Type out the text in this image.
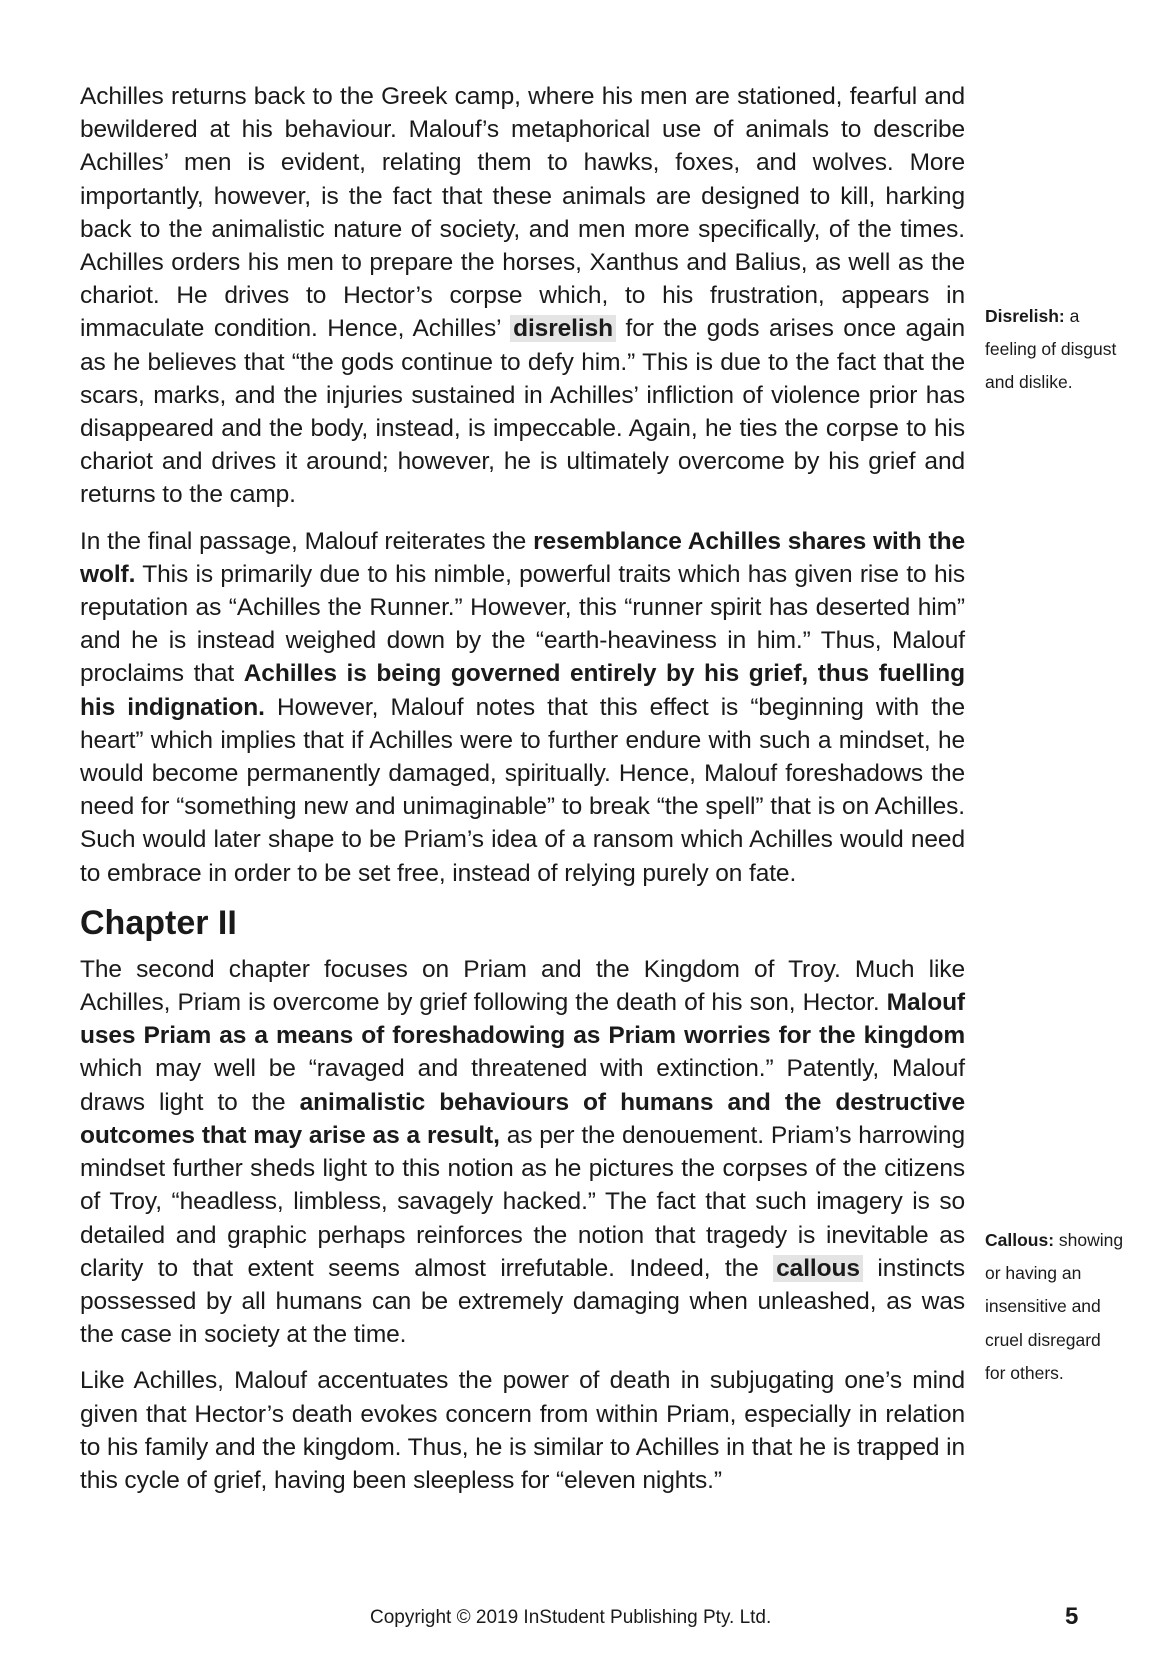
Achilles returns back to the Greek camp, where his men are stationed, fearful and bewildered at his behaviour. Malouf’s metaphorical use of animals to describe Achilles’ men is evident, relating them to hawks, foxes, and wolves. More importantly, however, is the fact that these animals are designed to kill, harking back to the animalistic nature of society, and men more specifically, of the times. Achilles orders his men to prepare the horses, Xanthus and Balius, as well as the chariot. He drives to Hector’s corpse which, to his frustration, appears in immaculate condition. Hence, Achilles’ disrelish for the gods arises once again as he believes that “the gods continue to defy him.” This is due to the fact that the scars, marks, and the injuries sustained in Achilles’ infliction of violence prior has disappeared and the body, instead, is impeccable. Again, he ties the corpse to his chariot and drives it around; however, he is ultimately overcome by his grief and returns to the camp.

In the final passage, Malouf reiterates the resemblance Achilles shares with the wolf. This is primarily due to his nimble, powerful traits which has given rise to his reputation as “Achilles the Runner.” However, this “runner spirit has deserted him” and he is instead weighed down by the “earth-heaviness in him.” Thus, Malouf proclaims that Achilles is being governed entirely by his grief, thus fuelling his indignation. However, Malouf notes that this effect is “beginning with the heart” which implies that if Achilles were to further endure with such a mindset, he would become permanently damaged, spiritually. Hence, Malouf foreshadows the need for “something new and unimaginable” to break “the spell” that is on Achilles. Such would later shape to be Priam’s idea of a ransom which Achilles would need to embrace in order to be set free, instead of relying purely on fate.

Chapter II

The second chapter focuses on Priam and the Kingdom of Troy. Much like Achilles, Priam is overcome by grief following the death of his son, Hector. Malouf uses Priam as a means of foreshadowing as Priam worries for the kingdom which may well be “ravaged and threatened with extinction.” Patently, Malouf draws light to the animalistic behaviours of humans and the destructive outcomes that may arise as a result, as per the denouement. Priam’s harrowing mindset further sheds light to this notion as he pictures the corpses of the citizens of Troy, “headless, limbless, savagely hacked.” The fact that such imagery is so detailed and graphic perhaps reinforces the notion that tragedy is inevitable as clarity to that extent seems almost irrefutable. Indeed, the callous instincts possessed by all humans can be extremely damaging when unleashed, as was the case in society at the time.

Like Achilles, Malouf accentuates the power of death in subjugating one’s mind given that Hector’s death evokes concern from within Priam, especially in relation to his family and the kingdom. Thus, he is similar to Achilles in that he is trapped in this cycle of grief, having been sleepless for “eleven nights.”

Disrelish: a feeling of disgust and dislike.
Callous: showing or having an insensitive and cruel disregard for others.
Copyright © 2019 InStudent Publishing Pty. Ltd.	5
